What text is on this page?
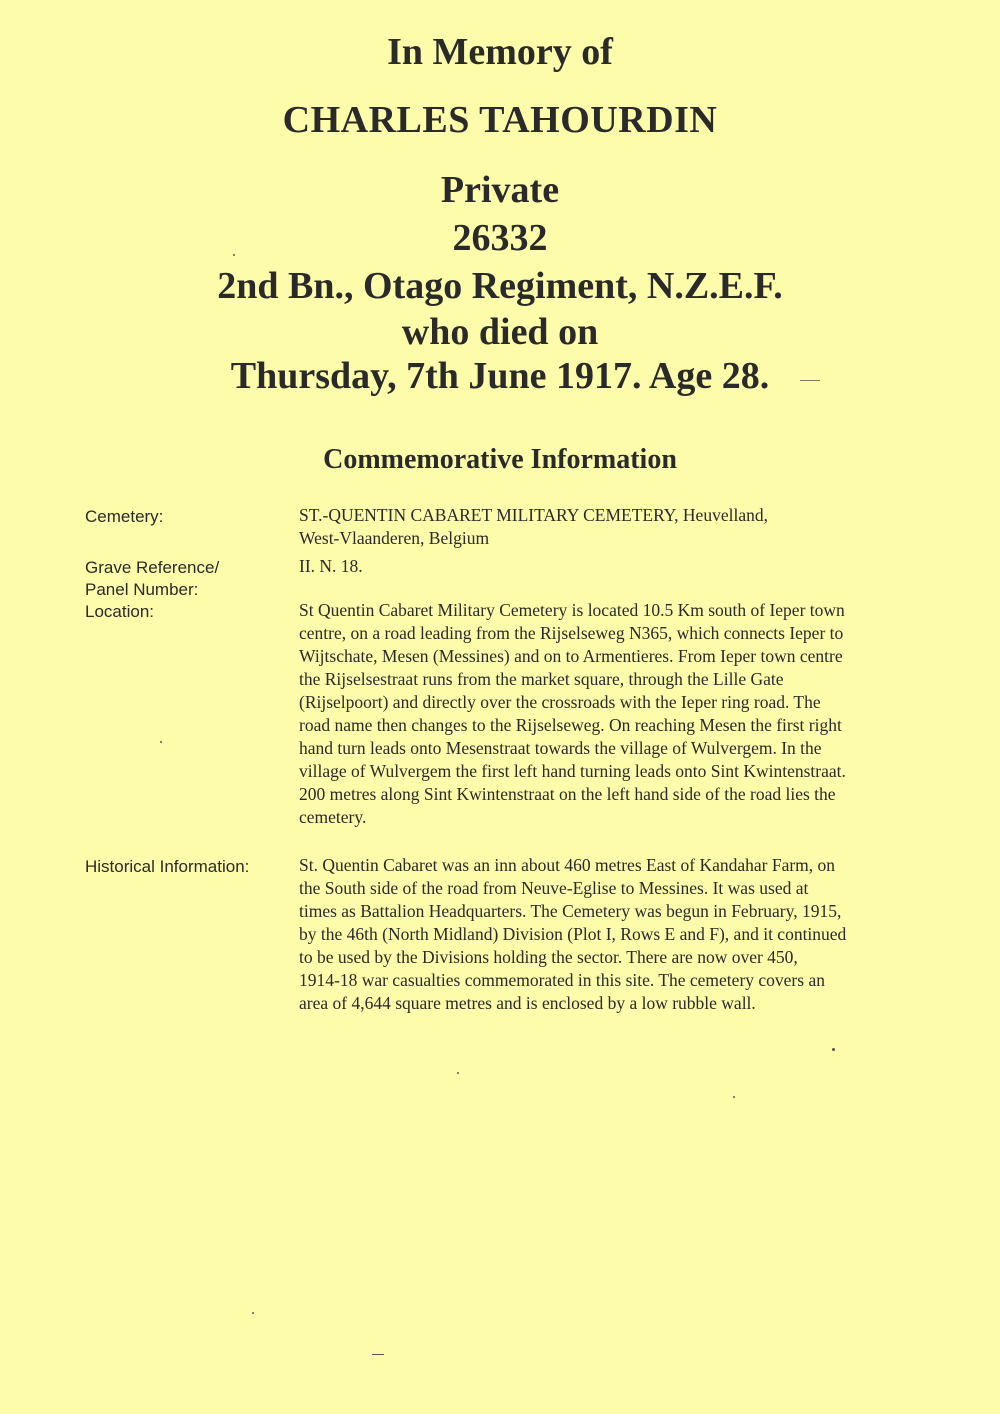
In Memory of
CHARLES TAHOURDIN
Private
26332
2nd Bn., Otago Regiment, N.Z.E.F.
who died on
Thursday, 7th June 1917. Age 28.
Commemorative Information
Cemetery:	ST.-QUENTIN CABARET MILITARY CEMETERY, Heuvelland,
West-Vlaanderen, Belgium
Grave Reference/
Panel Number:
II. N. 18.
Location:	St Quentin Cabaret Military Cemetery is located 10.5 Km south of Ieper town
centre, on a road leading from the Rijselseweg N365, which connects Ieper to
Wijtschate, Mesen (Messines) and on to Armentieres. From Ieper town centre
the Rijselsestraat runs from the market square, through the Lille Gate
(Rijselpoort) and directly over the crossroads with the Ieper ring road. The
road name then changes to the Rijselseweg. On reaching Mesen the first right
hand turn leads onto Mesenstraat towards the village of Wulvergem. In the
village of Wulvergem the first left hand turning leads onto Sint Kwintenstraat.
200 metres along Sint Kwintenstraat on the left hand side of the road lies the
cemetery.
Historical Information:	St. Quentin Cabaret was an inn about 460 metres East of Kandahar Farm, on
the South side of the road from Neuve-Eglise to Messines. It was used at
times as Battalion Headquarters. The Cemetery was begun in February, 1915,
by the 46th (North Midland) Division (Plot I, Rows E and F), and it continued
to be used by the Divisions holding the sector. There are now over 450,
1914-18 war casualties commemorated in this site. The cemetery covers an
area of 4,644 square metres and is enclosed by a low rubble wall.
